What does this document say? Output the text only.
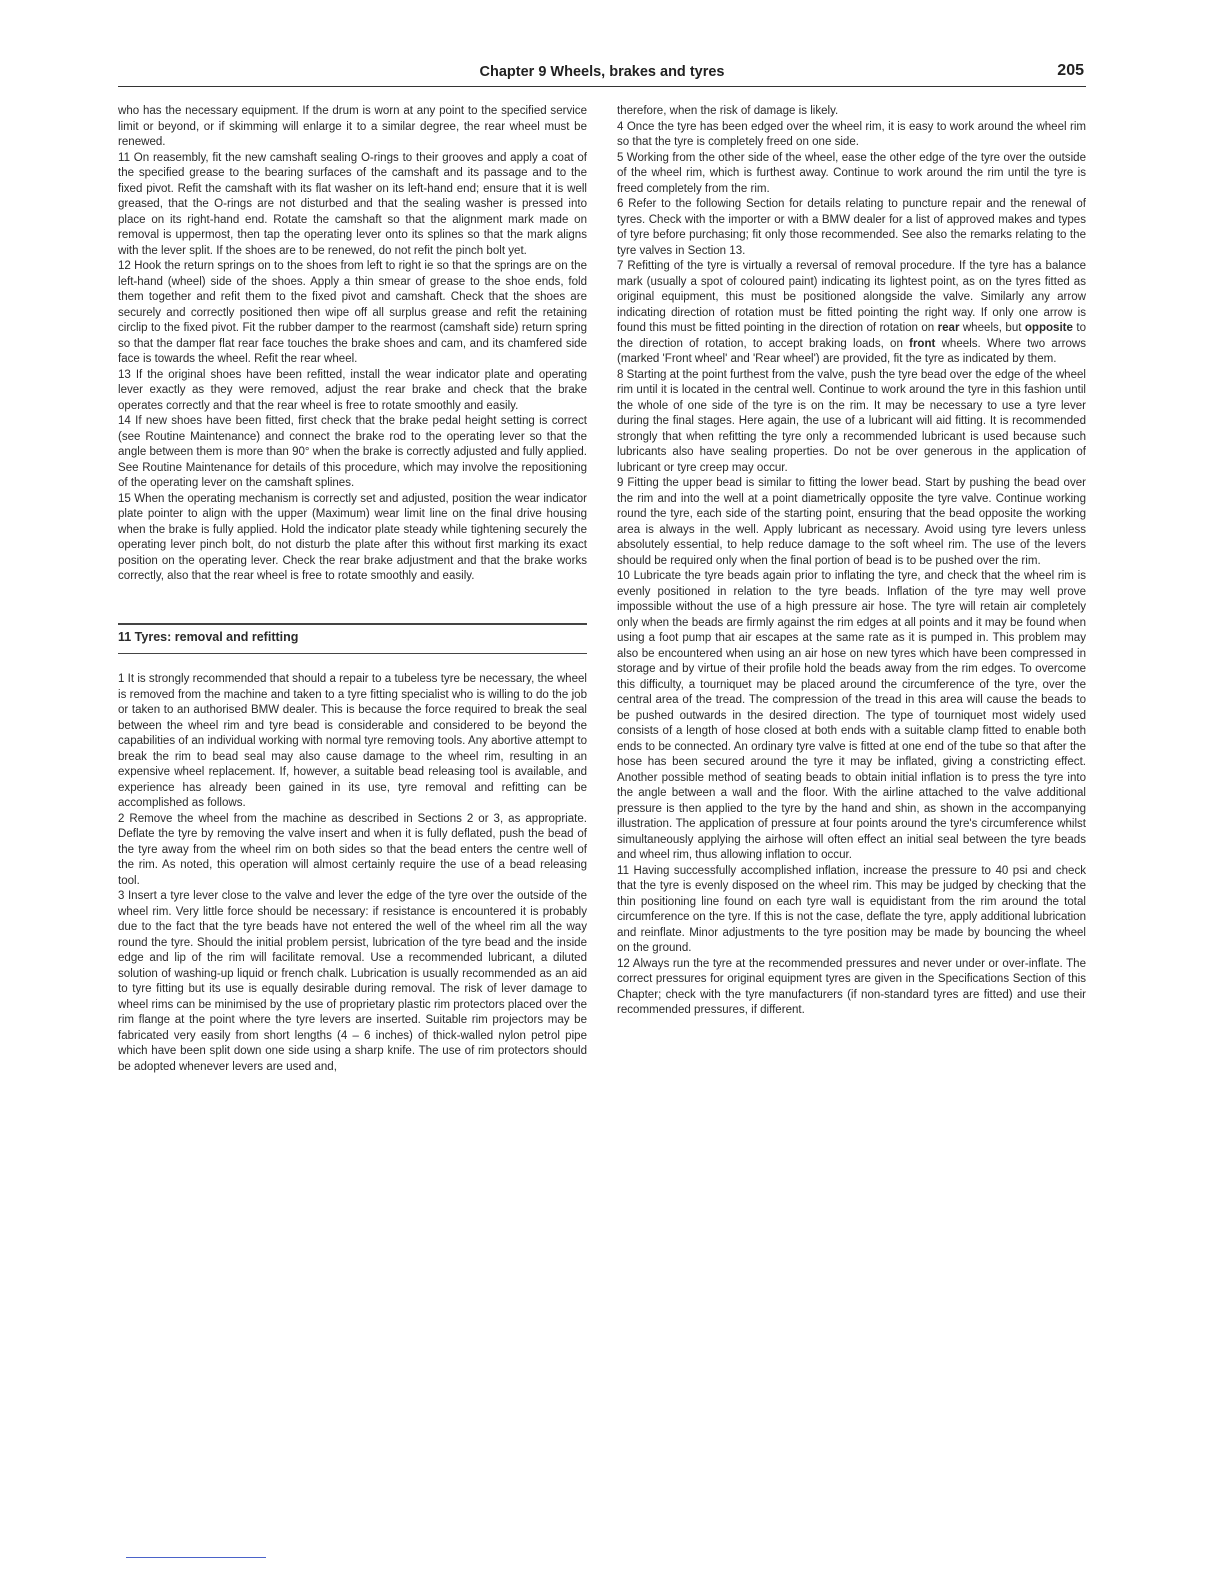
Chapter 9 Wheels, brakes and tyres	205

who has the necessary equipment. If the drum is worn at any point to the specified service limit or beyond, or if skimming will enlarge it to a similar degree, the rear wheel must be renewed.

11 On reasembly, fit the new camshaft sealing O-rings to their grooves and apply a coat of the specified grease to the bearing surfaces of the camshaft and its passage and to the fixed pivot. Refit the camshaft with its flat washer on its left-hand end; ensure that it is well greased, that the O-rings are not disturbed and that the sealing washer is pressed into place on its right-hand end. Rotate the camshaft so that the alignment mark made on removal is uppermost, then tap the operating lever onto its splines so that the mark aligns with the lever split. If the shoes are to be renewed, do not refit the pinch bolt yet.

12 Hook the return springs on to the shoes from left to right ie so that the springs are on the left-hand (wheel) side of the shoes. Apply a thin smear of grease to the shoe ends, fold them together and refit them to the fixed pivot and camshaft. Check that the shoes are securely and correctly positioned then wipe off all surplus grease and refit the retaining circlip to the fixed pivot. Fit the rubber damper to the rearmost (camshaft side) return spring so that the damper flat rear face touches the brake shoes and cam, and its chamfered side face is towards the wheel. Refit the rear wheel.

13 If the original shoes have been refitted, install the wear indicator plate and operating lever exactly as they were removed, adjust the rear brake and check that the brake operates correctly and that the rear wheel is free to rotate smoothly and easily.

14 If new shoes have been fitted, first check that the brake pedal height setting is correct (see Routine Maintenance) and connect the brake rod to the operating lever so that the angle between them is more than 90° when the brake is correctly adjusted and fully applied. See Routine Maintenance for details of this procedure, which may involve the repositioning of the operating lever on the camshaft splines.

15 When the operating mechanism is correctly set and adjusted, position the wear indicator plate pointer to align with the upper (Maximum) wear limit line on the final drive housing when the brake is fully applied. Hold the indicator plate steady while tightening securely the operating lever pinch bolt, do not disturb the plate after this without first marking its exact position on the operating lever. Check the rear brake adjustment and that the brake works correctly, also that the rear wheel is free to rotate smoothly and easily.

11 Tyres: removal and refitting

1 It is strongly recommended that should a repair to a tubeless tyre be necessary, the wheel is removed from the machine and taken to a tyre fitting specialist who is willing to do the job or taken to an authorised BMW dealer. This is because the force required to break the seal between the wheel rim and tyre bead is considerable and considered to be beyond the capabilities of an individual working with normal tyre removing tools. Any abortive attempt to break the rim to bead seal may also cause damage to the wheel rim, resulting in an expensive wheel replacement. If, however, a suitable bead releasing tool is available, and experience has already been gained in its use, tyre removal and refitting can be accomplished as follows.

2 Remove the wheel from the machine as described in Sections 2 or 3, as appropriate. Deflate the tyre by removing the valve insert and when it is fully deflated, push the bead of the tyre away from the wheel rim on both sides so that the bead enters the centre well of the rim. As noted, this operation will almost certainly require the use of a bead releasing tool.

3 Insert a tyre lever close to the valve and lever the edge of the tyre over the outside of the wheel rim. Very little force should be necessary: if resistance is encountered it is probably due to the fact that the tyre beads have not entered the well of the wheel rim all the way round the tyre. Should the initial problem persist, lubrication of the tyre bead and the inside edge and lip of the rim will facilitate removal. Use a recommended lubricant, a diluted solution of washing-up liquid or french chalk. Lubrication is usually recommended as an aid to tyre fitting but its use is equally desirable during removal. The risk of lever damage to wheel rims can be minimised by the use of proprietary plastic rim protectors placed over the rim flange at the point where the tyre levers are inserted. Suitable rim projectors may be fabricated very easily from short lengths (4 – 6 inches) of thick-walled nylon petrol pipe which have been split down one side using a sharp knife. The use of rim protectors should be adopted whenever levers are used and,

therefore, when the risk of damage is likely.

4 Once the tyre has been edged over the wheel rim, it is easy to work around the wheel rim so that the tyre is completely freed on one side.

5 Working from the other side of the wheel, ease the other edge of the tyre over the outside of the wheel rim, which is furthest away. Continue to work around the rim until the tyre is freed completely from the rim.

6 Refer to the following Section for details relating to puncture repair and the renewal of tyres. Check with the importer or with a BMW dealer for a list of approved makes and types of tyre before purchasing; fit only those recommended. See also the remarks relating to the tyre valves in Section 13.

7 Refitting of the tyre is virtually a reversal of removal procedure. If the tyre has a balance mark (usually a spot of coloured paint) indicating its lightest point, as on the tyres fitted as original equipment, this must be positioned alongside the valve. Similarly any arrow indicating direction of rotation must be fitted pointing the right way. If only one arrow is found this must be fitted pointing in the direction of rotation on rear wheels, but opposite to the direction of rotation, to accept braking loads, on front wheels. Where two arrows (marked 'Front wheel' and 'Rear wheel') are provided, fit the tyre as indicated by them.

8 Starting at the point furthest from the valve, push the tyre bead over the edge of the wheel rim until it is located in the central well. Continue to work around the tyre in this fashion until the whole of one side of the tyre is on the rim. It may be necessary to use a tyre lever during the final stages. Here again, the use of a lubricant will aid fitting. It is recommended strongly that when refitting the tyre only a recommended lubricant is used because such lubricants also have sealing properties. Do not be over generous in the application of lubricant or tyre creep may occur.

9 Fitting the upper bead is similar to fitting the lower bead. Start by pushing the bead over the rim and into the well at a point diametrically opposite the tyre valve. Continue working round the tyre, each side of the starting point, ensuring that the bead opposite the working area is always in the well. Apply lubricant as necessary. Avoid using tyre levers unless absolutely essential, to help reduce damage to the soft wheel rim. The use of the levers should be required only when the final portion of bead is to be pushed over the rim.

10 Lubricate the tyre beads again prior to inflating the tyre, and check that the wheel rim is evenly positioned in relation to the tyre beads. Inflation of the tyre may well prove impossible without the use of a high pressure air hose. The tyre will retain air completely only when the beads are firmly against the rim edges at all points and it may be found when using a foot pump that air escapes at the same rate as it is pumped in. This problem may also be encountered when using an air hose on new tyres which have been compressed in storage and by virtue of their profile hold the beads away from the rim edges. To overcome this difficulty, a tourniquet may be placed around the circumference of the tyre, over the central area of the tread. The compression of the tread in this area will cause the beads to be pushed outwards in the desired direction. The type of tourniquet most widely used consists of a length of hose closed at both ends with a suitable clamp fitted to enable both ends to be connected. An ordinary tyre valve is fitted at one end of the tube so that after the hose has been secured around the tyre it may be inflated, giving a constricting effect. Another possible method of seating beads to obtain initial inflation is to press the tyre into the angle between a wall and the floor. With the airline attached to the valve additional pressure is then applied to the tyre by the hand and shin, as shown in the accompanying illustration. The application of pressure at four points around the tyre's circumference whilst simultaneously applying the airhose will often effect an initial seal between the tyre beads and wheel rim, thus allowing inflation to occur.

11 Having successfully accomplished inflation, increase the pressure to 40 psi and check that the tyre is evenly disposed on the wheel rim. This may be judged by checking that the thin positioning line found on each tyre wall is equidistant from the rim around the total circumference on the tyre. If this is not the case, deflate the tyre, apply additional lubrication and reinflate. Minor adjustments to the tyre position may be made by bouncing the wheel on the ground.

12 Always run the tyre at the recommended pressures and never under or over-inflate. The correct pressures for original equipment tyres are given in the Specifications Section of this Chapter; check with the tyre manufacturers (if non-standard tyres are fitted) and use their recommended pressures, if different.
